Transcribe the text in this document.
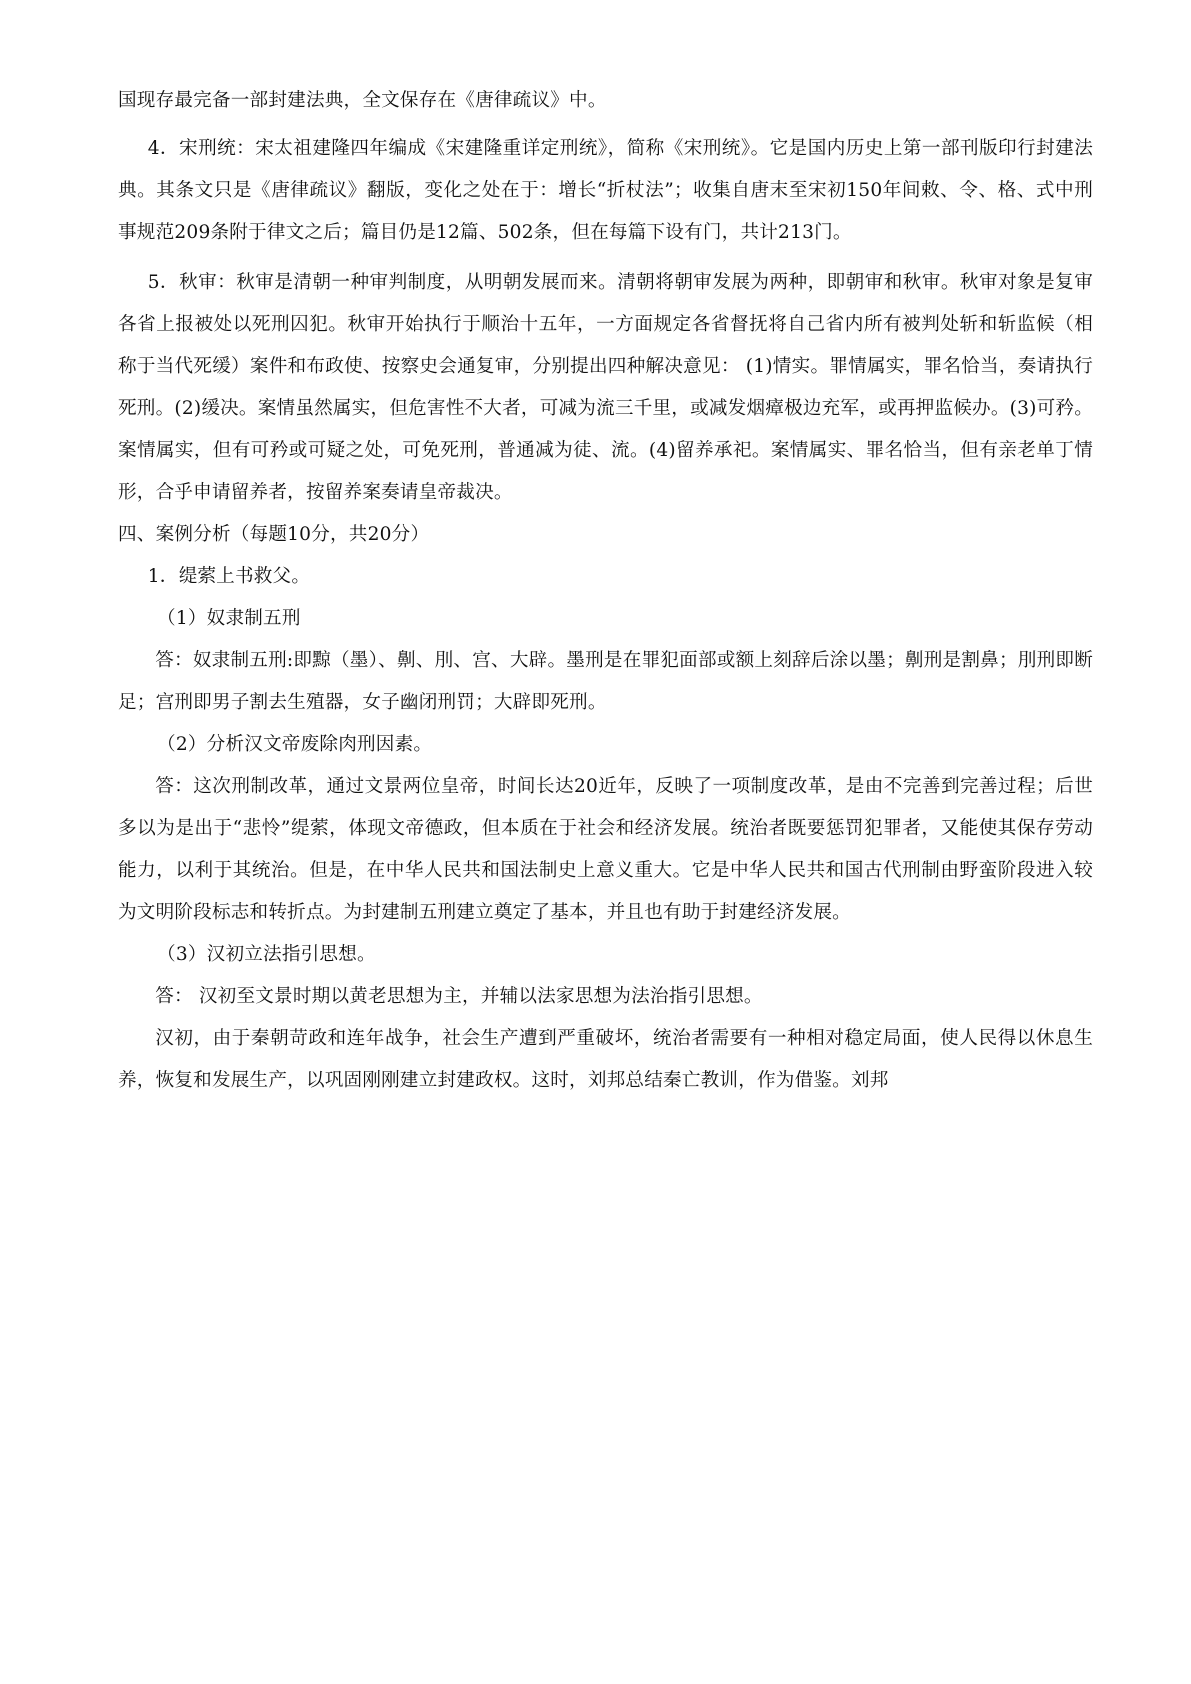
国现存最完备一部封建法典，全文保存在《唐律疏议》中。

4．宋刑统：宋太祖建隆四年编成《宋建隆重详定刑统》，简称《宋刑统》。它是国内历史上第一部刊版印行封建法典。其条文只是《唐律疏议》翻版，变化之处在于：增长“折杖法”；收集自唐末至宋初150年间敕、令、格、式中刑事规范209条附于律文之后；篇目仍是12篇、502条，但在每篇下设有门，共计213门。

5．秋审：秋审是清朝一种审判制度，从明朝发展而来。清朝将朝审发展为两种，即朝审和秋审。秋审对象是复审各省上报被处以死刑囚犯。秋审开始执行于顺治十五年，一方面规定各省督抚将自己省内所有被判处斩和斩监候（相称于当代死缓）案件和布政使、按察史会通复审，分别提出四种解决意见： (1)情实。罪情属实，罪名恰当，奏请执行死刑。(2)缓决。案情虽然属实，但危害性不大者，可减为流三千里，或减发烟瘴极边充军，或再押监候办。(3)可矜。案情属实，但有可矜或可疑之处，可免死刑，普通减为徒、流。(4)留养承祀。案情属实、罪名恰当，但有亲老单丁情形，合乎申请留养者，按留养案奏请皇帝裁决。

四、案例分析（每题10分，共20分）

1．缇萦上书救父。

（1）奴隶制五刑

答：奴隶制五刑:即黥（墨）、劓、刖、宫、大辟。墨刑是在罪犯面部或额上刻辞后涂以墨；劓刑是割鼻；刖刑即断足；宫刑即男子割去生殖器，女子幽闭刑罚；大辟即死刑。

（2）分析汉文帝废除肉刑因素。

答：这次刑制改革，通过文景两位皇帝，时间长达20近年，反映了一项制度改革，是由不完善到完善过程；后世多以为是出于“悲怜”缇萦，体现文帝德政，但本质在于社会和经济发展。统治者既要惩罚犯罪者，又能使其保存劳动能力，以利于其统治。但是，在中华人民共和国法制史上意义重大。它是中华人民共和国古代刑制由野蛮阶段进入较为文明阶段标志和转折点。为封建制五刑建立奠定了基本，并且也有助于封建经济发展。

（3）汉初立法指引思想。

答： 汉初至文景时期以黄老思想为主，并辅以法家思想为法治指引思想。

汉初，由于秦朝苛政和连年战争，社会生产遭到严重破坏，统治者需要有一种相对稳定局面，使人民得以休息生养，恢复和发展生产，以巩固刚刚建立封建政权。这时，刘邦总结秦亡教训，作为借鉴。刘邦
